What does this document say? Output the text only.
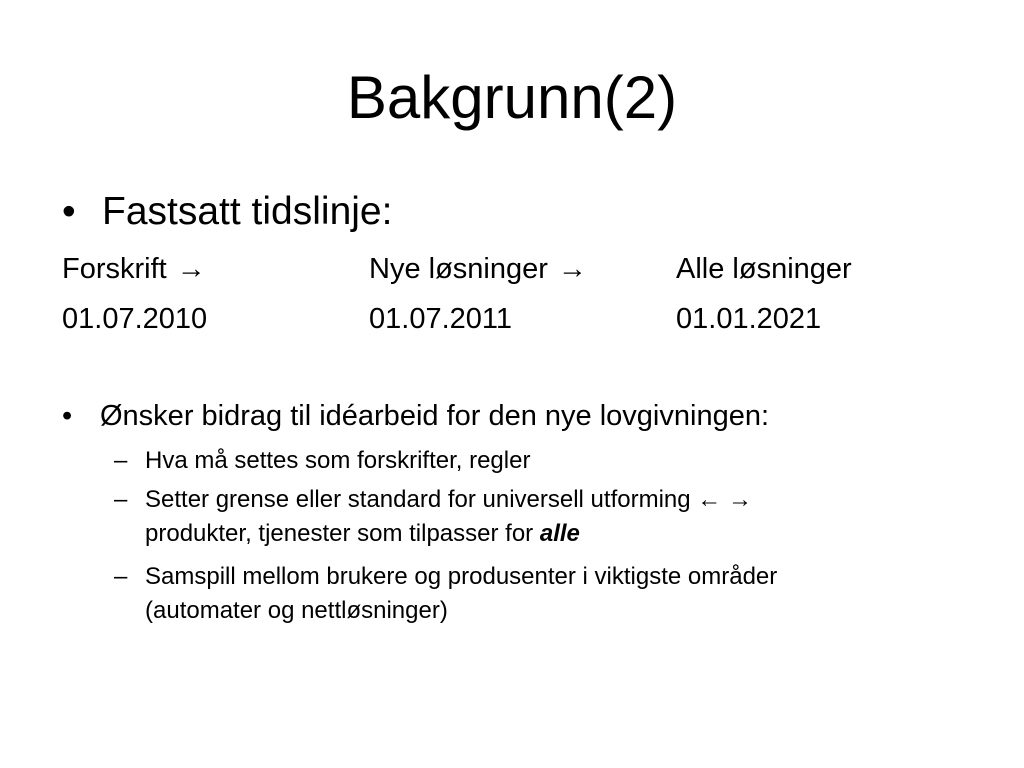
Bakgrunn(2)
• Fastsatt tidslinje:
Forskrift →	Nye løsninger →	Alle løsninger
01.07.2010	01.07.2011	01.01.2021
• Ønsker bidrag til idéarbeid for den nye lovgivningen:
– Hva må settes som forskrifter, regler
– Setter grense eller standard for universell utforming ← →
produkter, tjenester som tilpasser for alle
– Samspill mellom brukere og produsenter i viktigste områder
(automater og nettløsninger)
